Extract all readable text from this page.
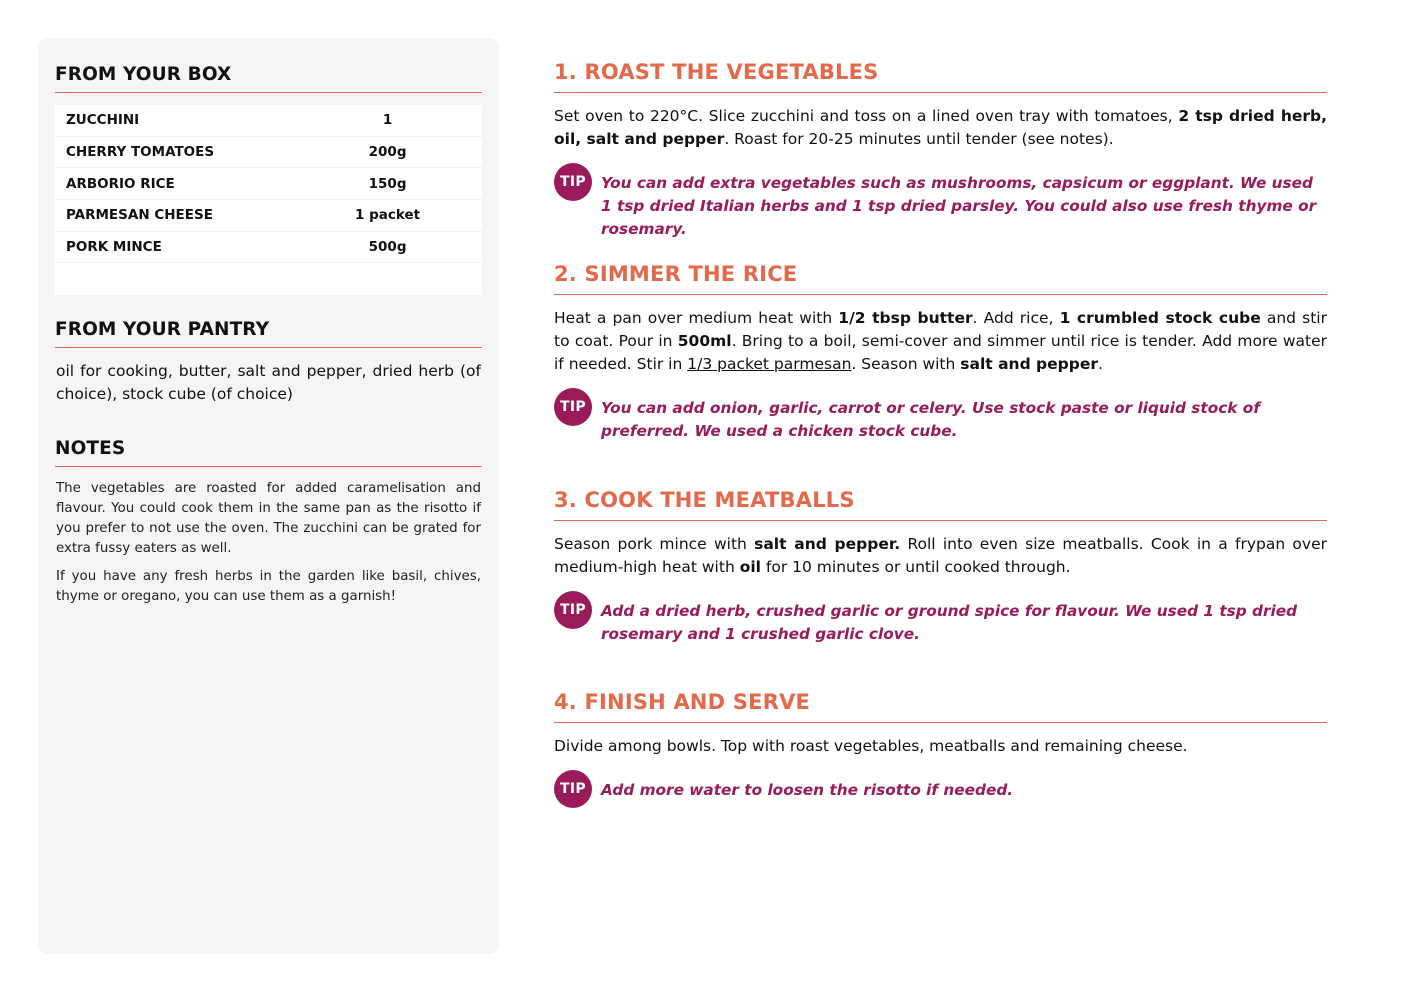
FROM YOUR BOX
ZUCCHINI	1
CHERRY TOMATOES	200g
ARBORIO RICE	150g
PARMESAN CHEESE	1 packet
PORK MINCE	500g
FROM YOUR PANTRY
oil for cooking, butter, salt and pepper, dried herb (of choice), stock cube (of choice)
NOTES
The vegetables are roasted for added caramelisation and flavour. You could cook them in the same pan as the risotto if you prefer to not use the oven. The zucchini can be grated for extra fussy eaters as well.
If you have any fresh herbs in the garden like basil, chives, thyme or oregano, you can use them as a garnish!
1. ROAST THE VEGETABLES
Set oven to 220°C. Slice zucchini and toss on a lined oven tray with tomatoes, 2 tsp dried herb, oil, salt and pepper. Roast for 20-25 minutes until tender (see notes).
TIP You can add extra vegetables such as mushrooms, capsicum or eggplant. We used 1 tsp dried Italian herbs and 1 tsp dried parsley. You could also use fresh thyme or rosemary.
2. SIMMER THE RICE
Heat a pan over medium heat with 1/2 tbsp butter. Add rice, 1 crumbled stock cube and stir to coat. Pour in 500ml. Bring to a boil, semi-cover and simmer until rice is tender. Add more water if needed. Stir in 1/3 packet parmesan. Season with salt and pepper.
TIP You can add onion, garlic, carrot or celery. Use stock paste or liquid stock of preferred. We used a chicken stock cube.
3. COOK THE MEATBALLS
Season pork mince with salt and pepper. Roll into even size meatballs. Cook in a frypan over medium-high heat with oil for 10 minutes or until cooked through.
TIP Add a dried herb, crushed garlic or ground spice for flavour. We used 1 tsp dried rosemary and 1 crushed garlic clove.
4. FINISH AND SERVE
Divide among bowls. Top with roast vegetables, meatballs and remaining cheese.
TIP Add more water to loosen the risotto if needed.
